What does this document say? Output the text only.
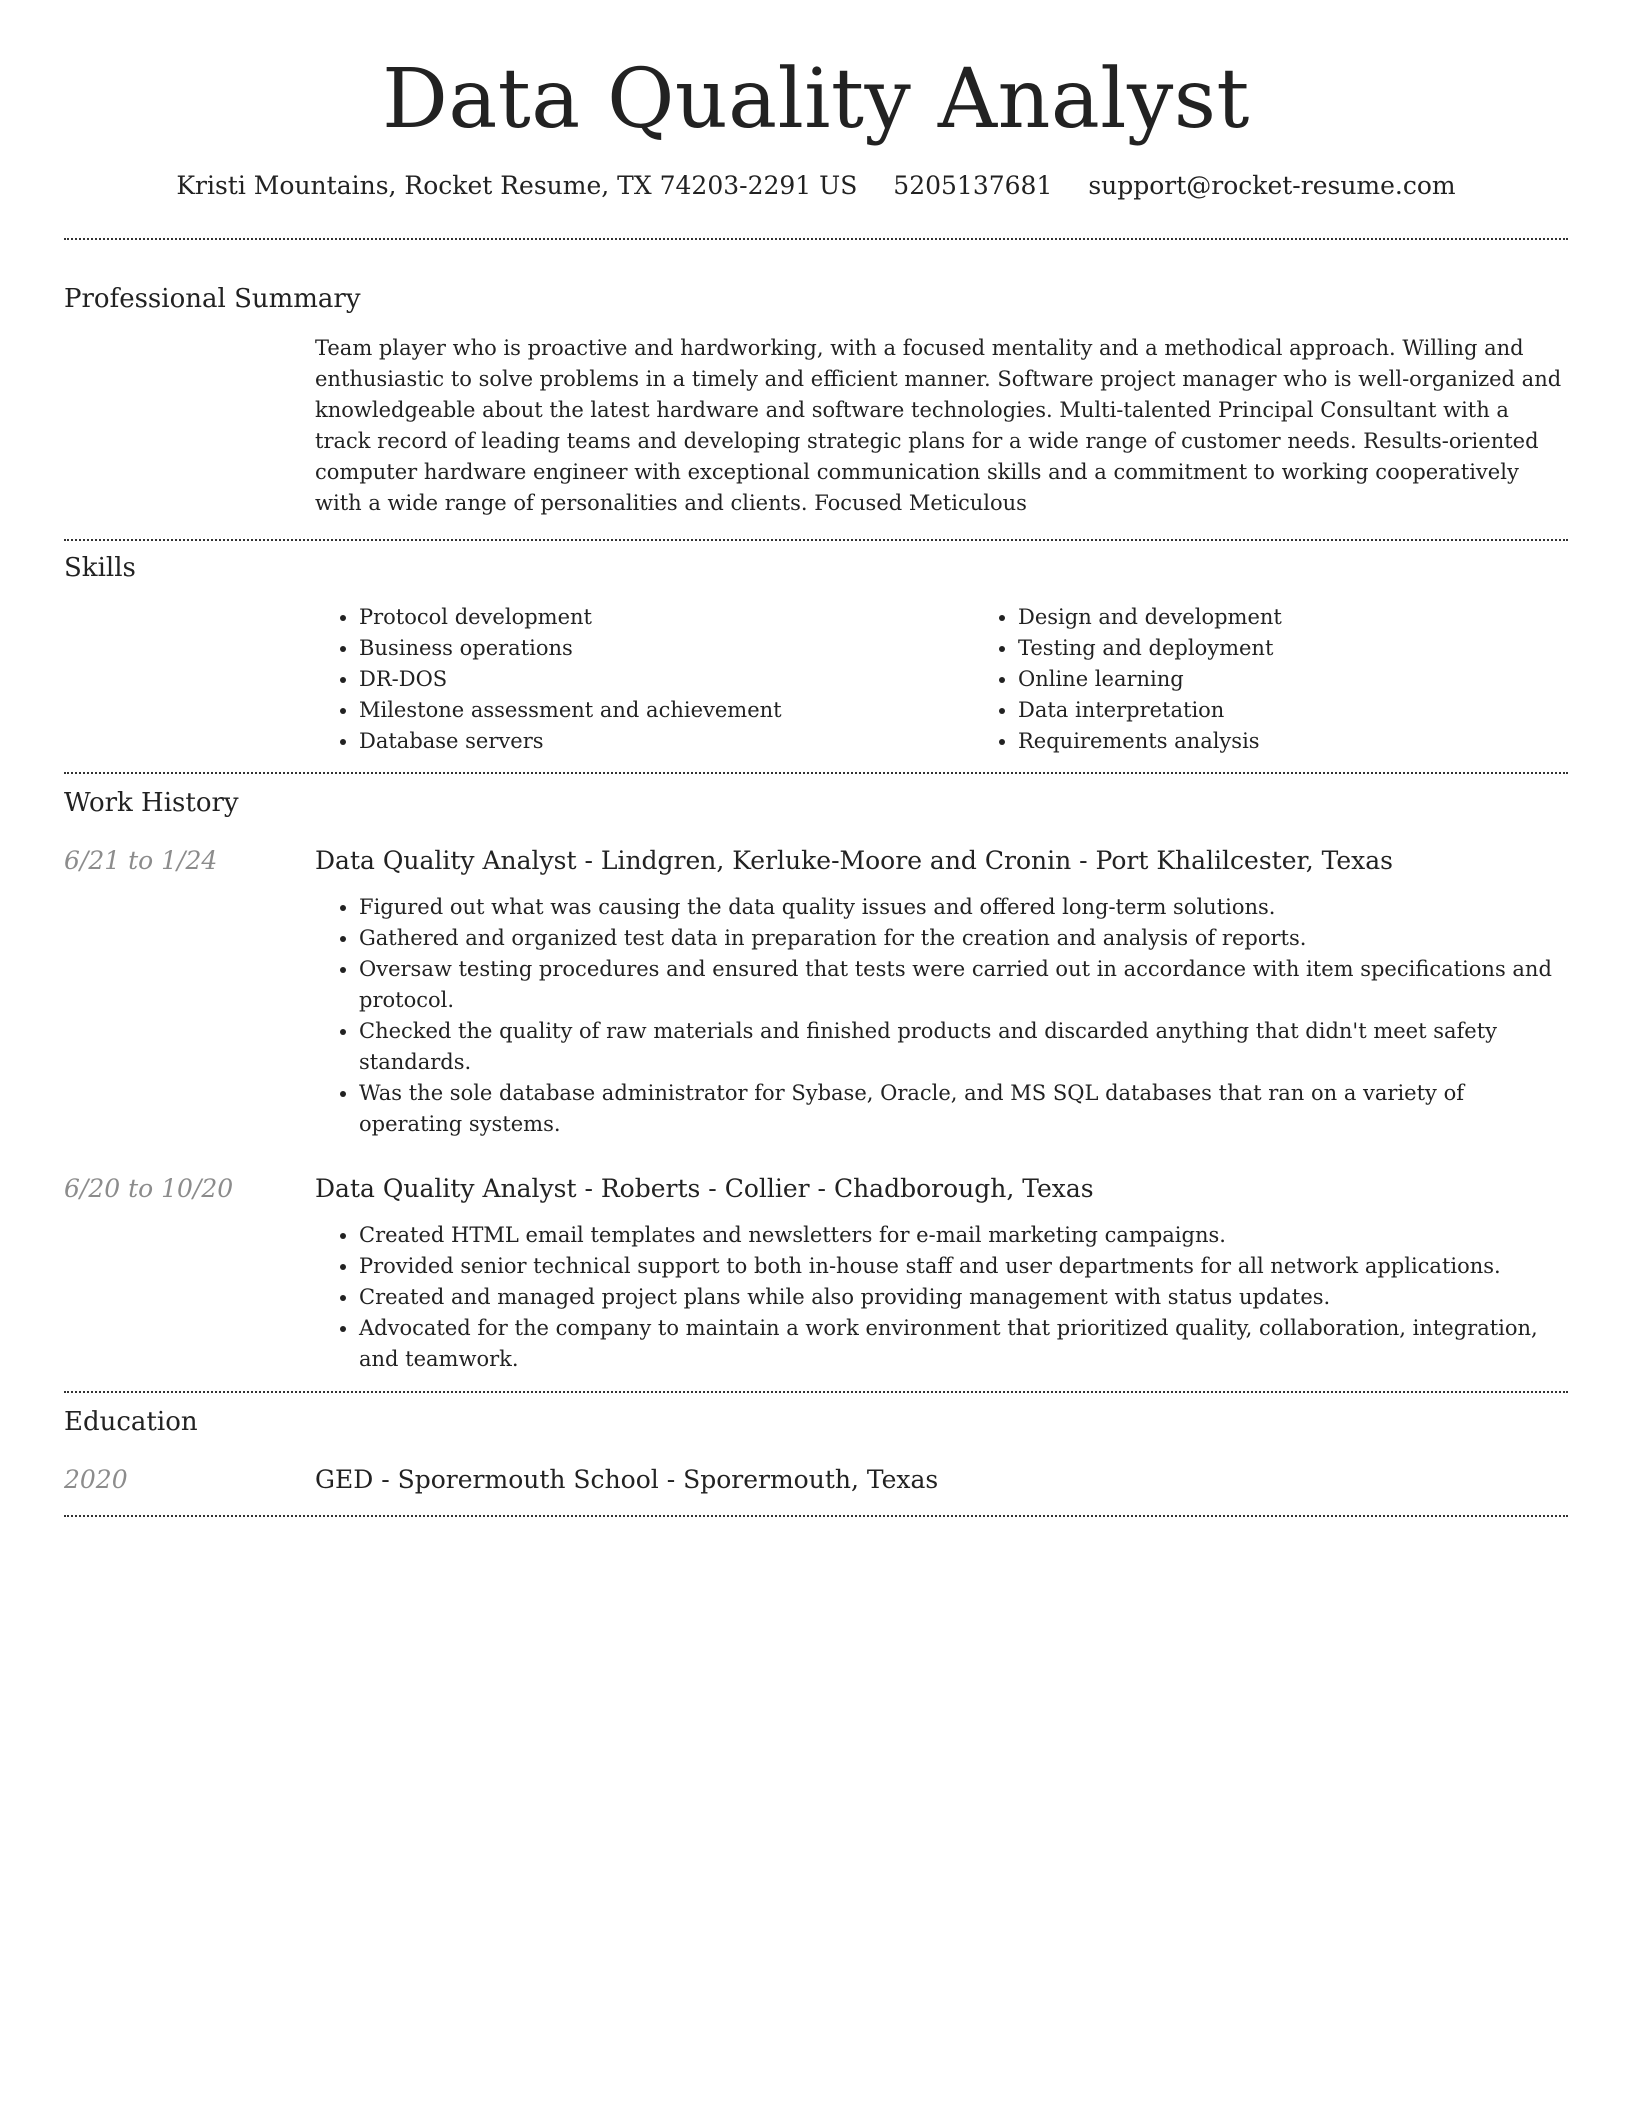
Data Quality Analyst
Kristi Mountains, Rocket Resume, TX 74203-2291 US 5205137681 support@rocket-resume.com
Professional Summary

Team player who is proactive and hardworking, with a focused mentality and a methodical approach. Willing and enthusiastic to solve problems in a timely and efficient manner. Software project manager who is well-organized and knowledgeable about the latest hardware and software technologies. Multi-talented Principal Consultant with a track record of leading teams and developing strategic plans for a wide range of customer needs. Results-oriented computer hardware engineer with exceptional communication skills and a commitment to working cooperatively with a wide range of personalities and clients. Focused Meticulous

Skills
• Protocol development
• Business operations
• DR-DOS
• Milestone assessment and achievement
• Database servers
• Design and development
• Testing and deployment
• Online learning
• Data interpretation
• Requirements analysis
Work History
6/21 to 1/24	Data Quality Analyst - Lindgren, Kerluke-Moore and Cronin - Port Khalilcester, Texas
• Figured out what was causing the data quality issues and offered long-term solutions.
• Gathered and organized test data in preparation for the creation and analysis of reports.
• Oversaw testing procedures and ensured that tests were carried out in accordance with item specifications and protocol.
• Checked the quality of raw materials and finished products and discarded anything that didn't meet safety standards.
• Was the sole database administrator for Sybase, Oracle, and MS SQL databases that ran on a variety of operating systems.
6/20 to 10/20	Data Quality Analyst - Roberts - Collier - Chadborough, Texas
• Created HTML email templates and newsletters for e-mail marketing campaigns.
• Provided senior technical support to both in-house staff and user departments for all network applications.
• Created and managed project plans while also providing management with status updates.
• Advocated for the company to maintain a work environment that prioritized quality, collaboration, integration, and teamwork.
Education
2020	GED - Sporermouth School - Sporermouth, Texas
